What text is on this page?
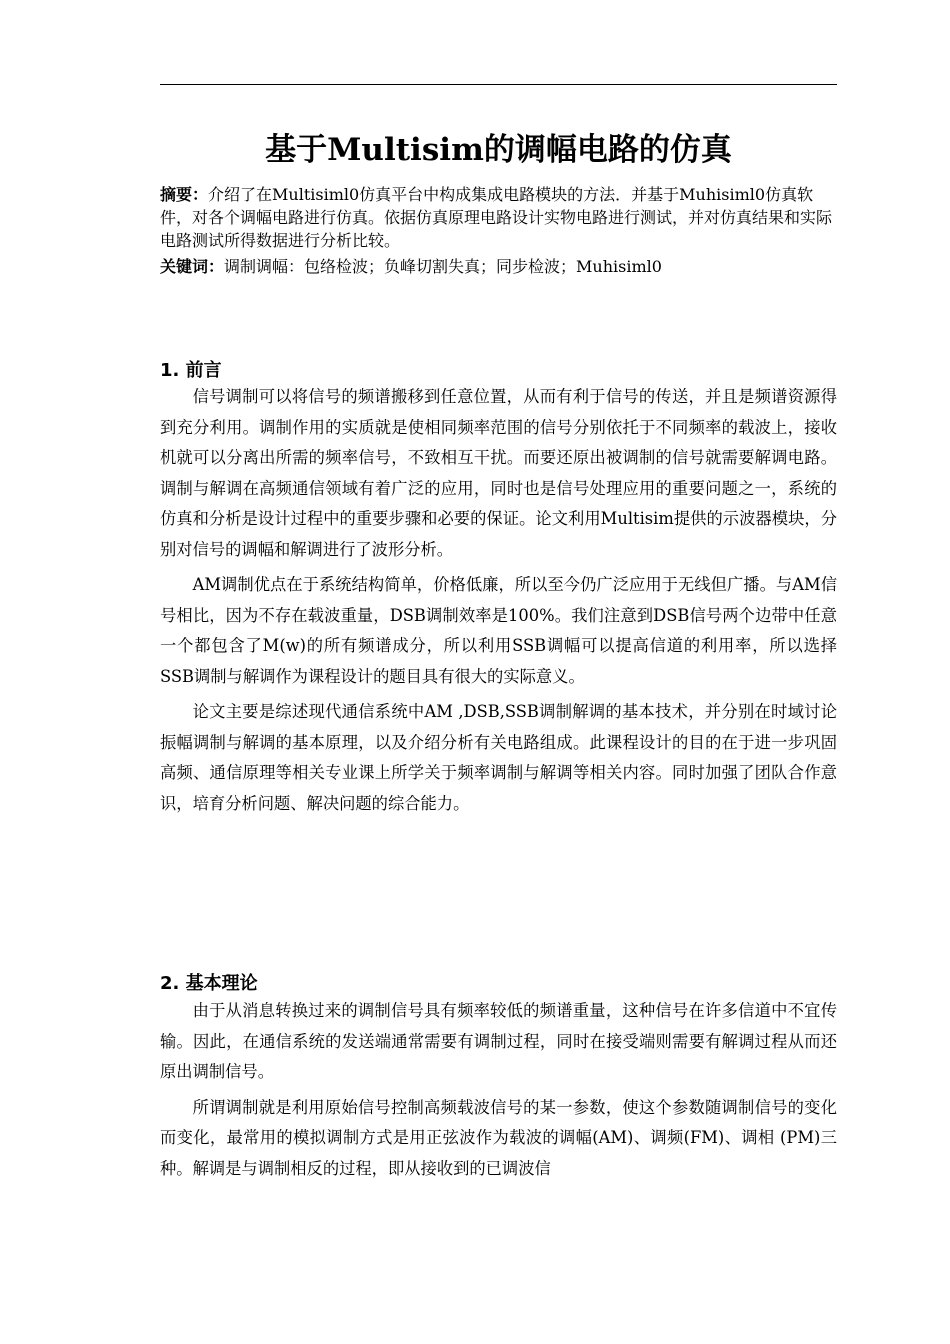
基于Multisim的调幅电路的仿真

摘要：介绍了在Multisiml0仿真平台中构成集成电路模块的方法．并基于Muhisiml0仿真软件，对各个调幅电路进行仿真。依据仿真原理电路设计实物电路进行测试，并对仿真结果和实际电路测试所得数据进行分析比较。

关键词：调制调幅：包络检波；负峰切割失真；同步检波；Muhisiml0

1. 前言

信号调制可以将信号的频谱搬移到任意位置，从而有利于信号的传送，并且是频谱资源得到充分利用。调制作用的实质就是使相同频率范围的信号分别依托于不同频率的载波上，接收机就可以分离出所需的频率信号，不致相互干扰。而要还原出被调制的信号就需要解调电路。调制与解调在高频通信领域有着广泛的应用，同时也是信号处理应用的重要问题之一，系统的仿真和分析是设计过程中的重要步骤和必要的保证。论文利用Multisim提供的示波器模块，分别对信号的调幅和解调进行了波形分析。

AM调制优点在于系统结构简单，价格低廉，所以至今仍广泛应用于无线但广播。与AM信号相比，因为不存在载波重量，DSB调制效率是100%。我们注意到DSB信号两个边带中任意一个都包含了M(w)的所有频谱成分，所以利用SSB调幅可以提高信道的利用率，所以选择SSB调制与解调作为课程设计的题目具有很大的实际意义。

论文主要是综述现代通信系统中AM ,DSB,SSB调制解调的基本技术，并分别在时域讨论振幅调制与解调的基本原理，以及介绍分析有关电路组成。此课程设计的目的在于进一步巩固高频、通信原理等相关专业课上所学关于频率调制与解调等相关内容。同时加强了团队合作意识，培育分析问题、解决问题的综合能力。

2. 基本理论

由于从消息转换过来的调制信号具有频率较低的频谱重量，这种信号在许多信道中不宜传输。因此，在通信系统的发送端通常需要有调制过程，同时在接受端则需要有解调过程从而还原出调制信号。

所谓调制就是利用原始信号控制高频载波信号的某一参数，使这个参数随调制信号的变化而变化，最常用的模拟调制方式是用正弦波作为载波的调幅(AM)、调频(FM)、调相 (PM)三种。解调是与调制相反的过程，即从接收到的已调波信
